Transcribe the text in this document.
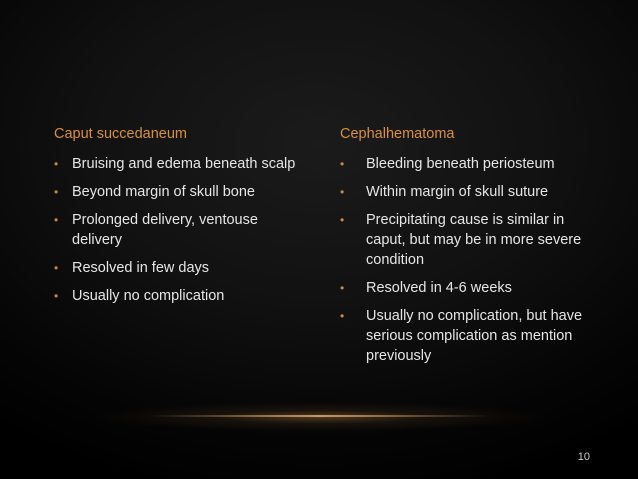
Caput succedaneum
• Bruising and edema beneath scalp
• Beyond margin of skull bone
• Prolonged delivery, ventouse delivery
• Resolved in few days
• Usually no complication
Cephalhematoma
• Bleeding beneath periosteum
• Within margin of skull suture
• Precipitating cause is similar in caput, but may be in more severe condition
• Resolved in 4-6 weeks
• Usually no complication, but have serious complication as mention previously
10
